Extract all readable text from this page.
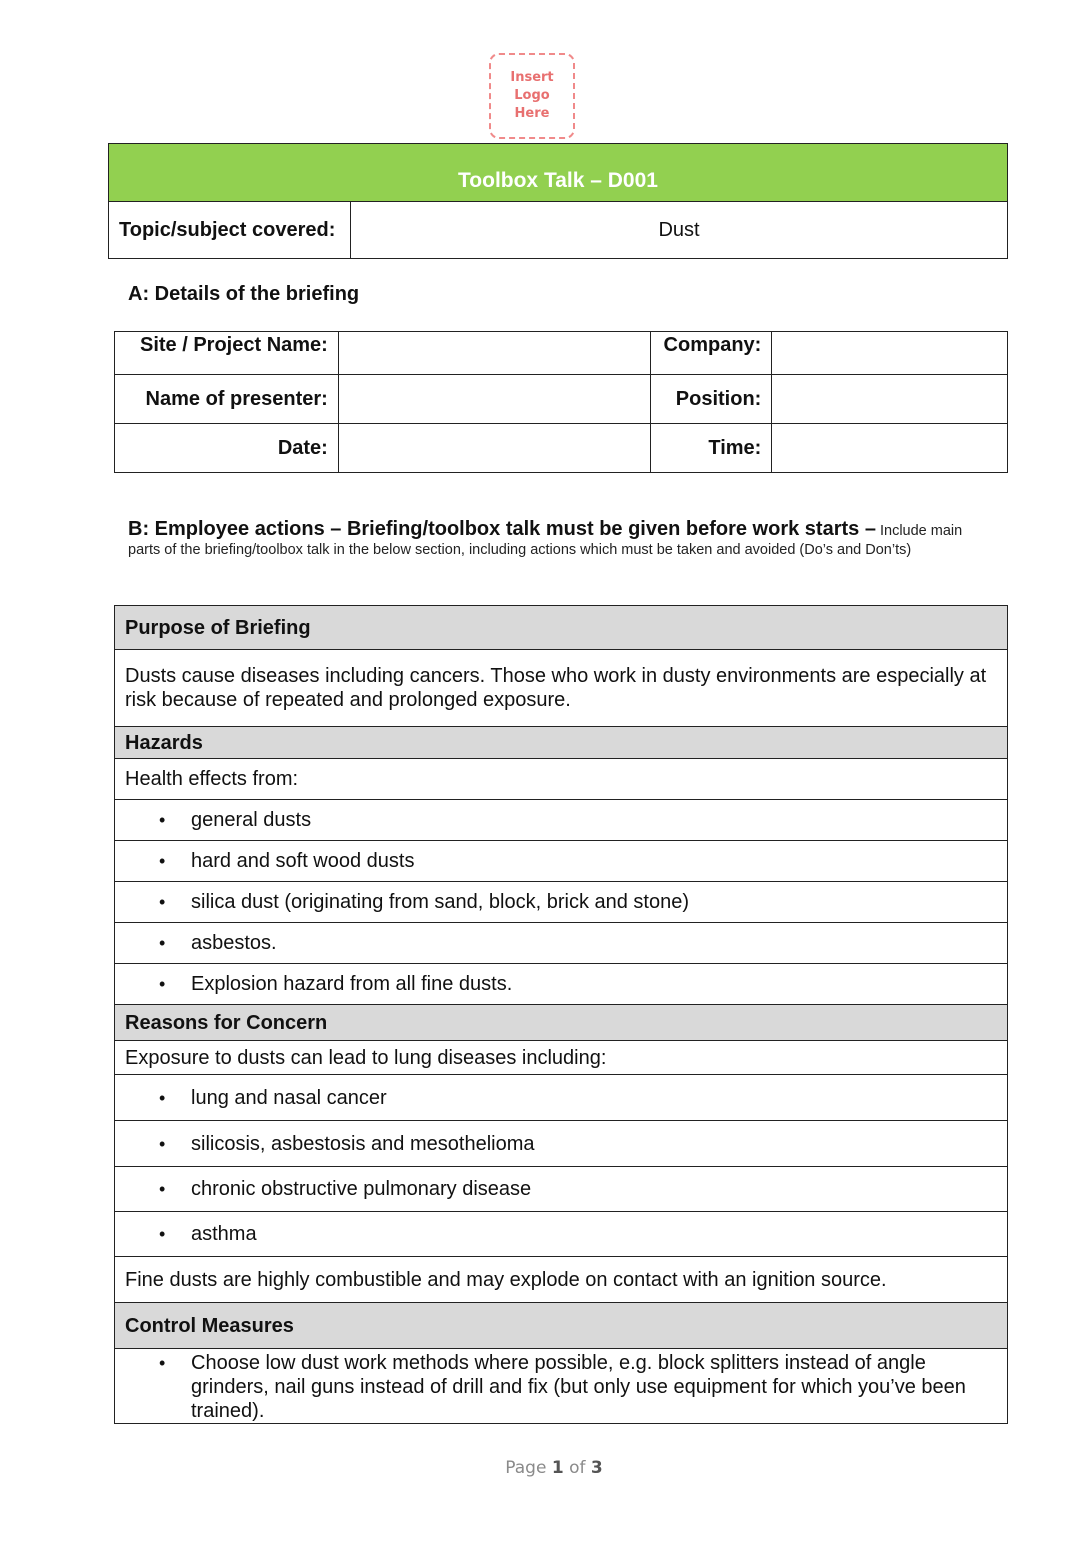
Insert
Logo
Here
Toolbox Talk – D001
Topic/subject covered:	Dust
A: Details of the briefing
Site / Project Name:		Company:	
Name of presenter:		Position:	
Date:		Time:	
B: Employee actions – Briefing/toolbox talk must be given before work starts – Include main parts of the briefing/toolbox talk in the below section, including actions which must be taken and avoided (Do’s and Don’ts)
Purpose of Briefing
Dusts cause diseases including cancers. Those who work in dusty environments are especially at risk because of repeated and prolonged exposure.
Hazards
Health effects from:
• general dusts
• hard and soft wood dusts
• silica dust (originating from sand, block, brick and stone)
• asbestos.
• Explosion hazard from all fine dusts.
Reasons for Concern
Exposure to dusts can lead to lung diseases including:
• lung and nasal cancer
• silicosis, asbestosis and mesothelioma
• chronic obstructive pulmonary disease
• asthma
Fine dusts are highly combustible and may explode on contact with an ignition source.
Control Measures
• Choose low dust work methods where possible, e.g. block splitters instead of angle grinders, nail guns instead of drill and fix (but only use equipment for which you’ve been trained).
Page 1 of 3
